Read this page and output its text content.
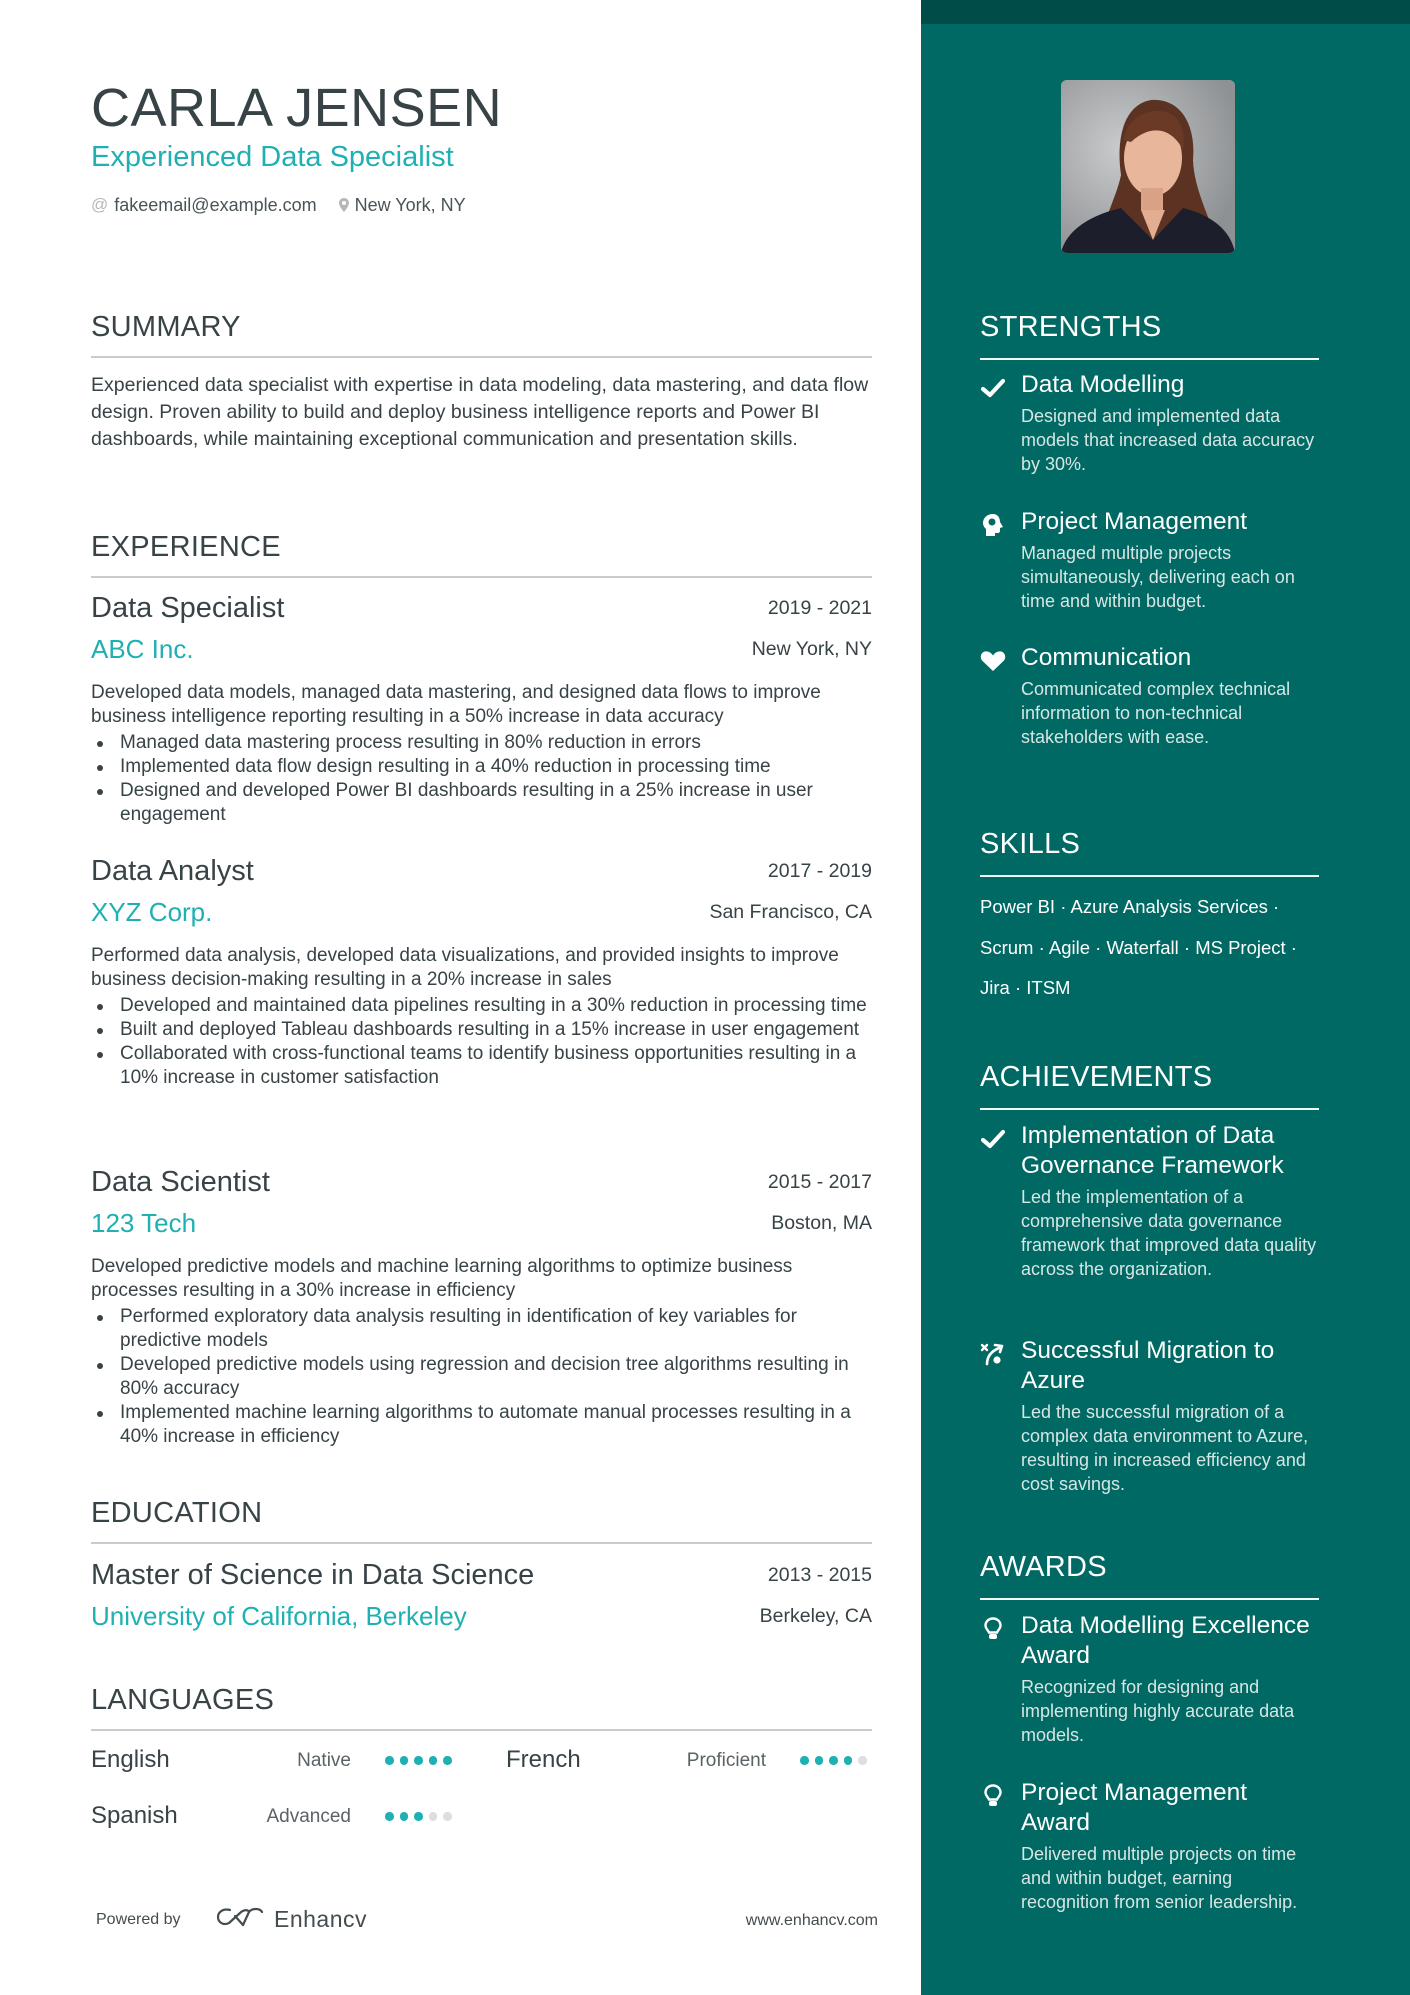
CARLA JENSEN
Experienced Data Specialist
@ fakeemail@example.com New York, NY
SUMMARY
Experienced data specialist with expertise in data modeling, data mastering, and data flow design. Proven ability to build and deploy business intelligence reports and Power BI dashboards, while maintaining exceptional communication and presentation skills.
EXPERIENCE
Data Specialist	2019 - 2021
ABC Inc.	New York, NY
Developed data models, managed data mastering, and designed data flows to improve business intelligence reporting resulting in a 50% increase in data accuracy
Managed data mastering process resulting in 80% reduction in errors
Implemented data flow design resulting in a 40% reduction in processing time
Designed and developed Power BI dashboards resulting in a 25% increase in user engagement
Data Analyst	2017 - 2019
XYZ Corp.	San Francisco, CA
Performed data analysis, developed data visualizations, and provided insights to improve business decision-making resulting in a 20% increase in sales
Developed and maintained data pipelines resulting in a 30% reduction in processing time
Built and deployed Tableau dashboards resulting in a 15% increase in user engagement
Collaborated with cross-functional teams to identify business opportunities resulting in a 10% increase in customer satisfaction
Data Scientist	2015 - 2017
123 Tech	Boston, MA
Developed predictive models and machine learning algorithms to optimize business processes resulting in a 30% increase in efficiency
Performed exploratory data analysis resulting in identification of key variables for predictive models
Developed predictive models using regression and decision tree algorithms resulting in 80% accuracy
Implemented machine learning algorithms to automate manual processes resulting in a 40% increase in efficiency
EDUCATION
Master of Science in Data Science	2013 - 2015
University of California, Berkeley	Berkeley, CA
LANGUAGES
English	Native	French	Proficient
Spanish	Advanced
Powered by	Enhancv	www.enhancv.com
STRENGTHS
Data Modelling
Designed and implemented data models that increased data accuracy by 30%.
Project Management
Managed multiple projects simultaneously, delivering each on time and within budget.
Communication
Communicated complex technical information to non-technical stakeholders with ease.
SKILLS
Power BI · Azure Analysis Services ·
Scrum · Agile · Waterfall · MS Project ·
Jira · ITSM
ACHIEVEMENTS
Implementation of Data Governance Framework
Led the implementation of a comprehensive data governance framework that improved data quality across the organization.
Successful Migration to Azure
Led the successful migration of a complex data environment to Azure, resulting in increased efficiency and cost savings.
AWARDS
Data Modelling Excellence Award
Recognized for designing and implementing highly accurate data models.
Project Management Award
Delivered multiple projects on time and within budget, earning recognition from senior leadership.
